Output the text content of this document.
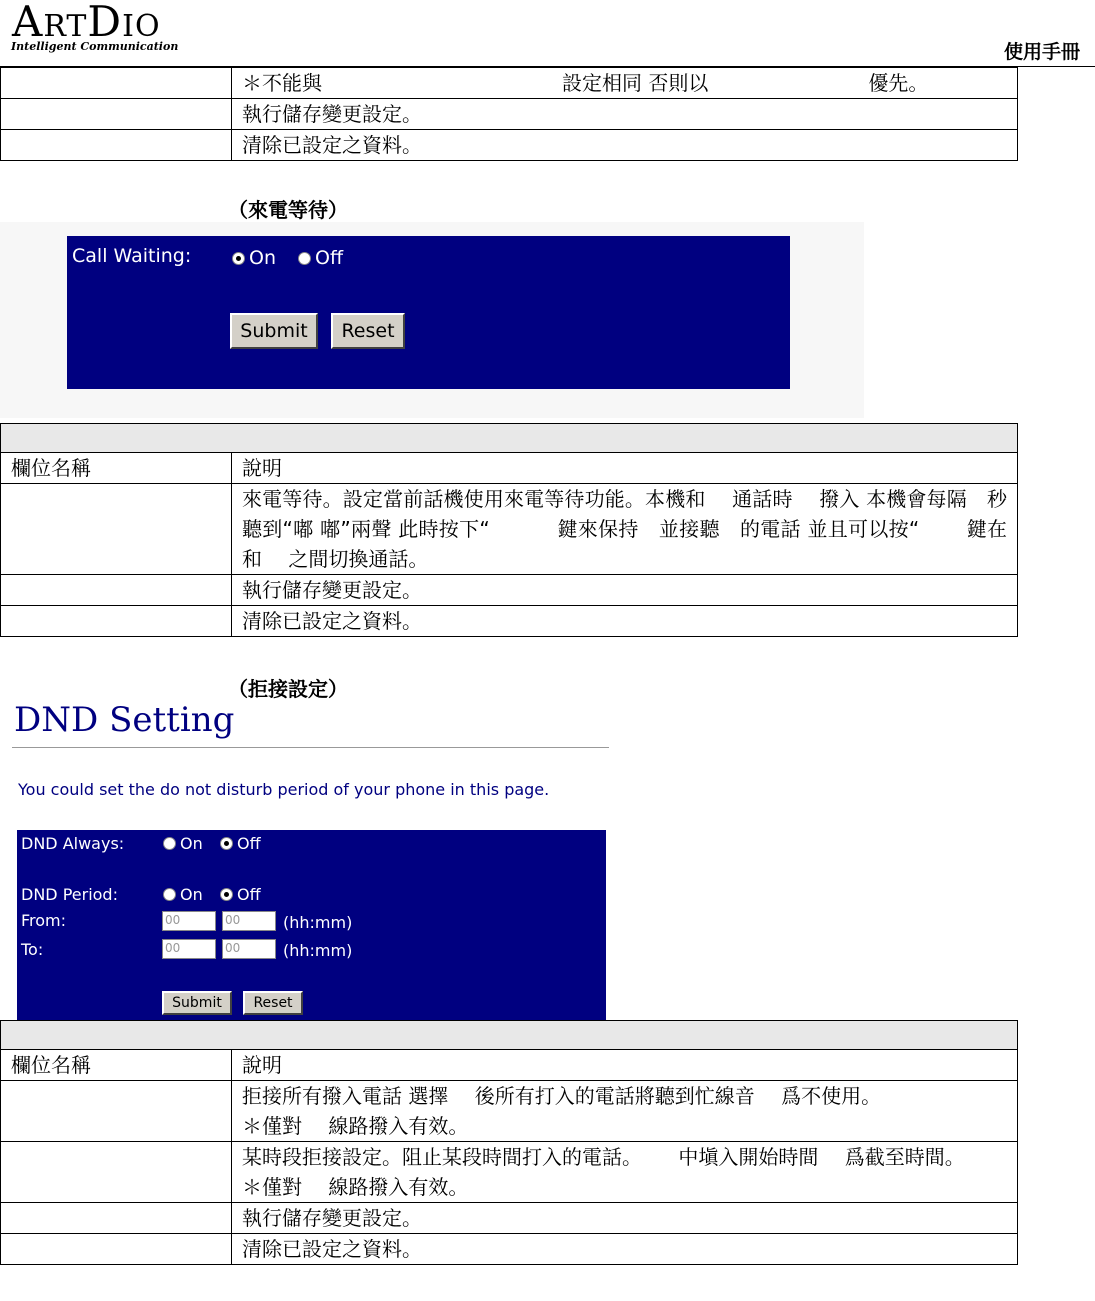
ARTDIO
Intelligent Communication	使用手冊
	＊不能與　　　　　　　　　　　　設定相同 否則以　　　　　　　　優先。
	執行儲存變更設定。
	清除已設定之資料。
（來電等待）
Call Waiting:	On Off
Submit	Reset

欄位名稱	說明
	來電等待。設定當前話機使用來電等待功能。本機和　 通話時　 撥入 本機會每隔　秒聽到“嘟 嘟”兩聲 此時按下“　　　 鍵來保持　並接聽　的電話 並且可以按“　　 鍵在　 和　 之間切換通話。
	執行儲存變更設定。
	清除已設定之資料。
（拒接設定）
DND Setting
You could set the do not disturb period of your phone in this page.
DND Always:	On Off
DND Period:	On Off
From:	00	00	(hh:mm)
To:	00	00	(hh:mm)
Submit	Reset

欄位名稱	說明

	拒接所有撥入電話 選擇　 後所有打入的電話將聽到忙線音　 爲不使用。
＊僅對　 線路撥入有效。

	某時段拒接設定。阻止某段時間打入的電話。　　 中塡入開始時間　 爲截至時間。
＊僅對　 線路撥入有效。

	執行儲存變更設定。
	清除已設定之資料。
